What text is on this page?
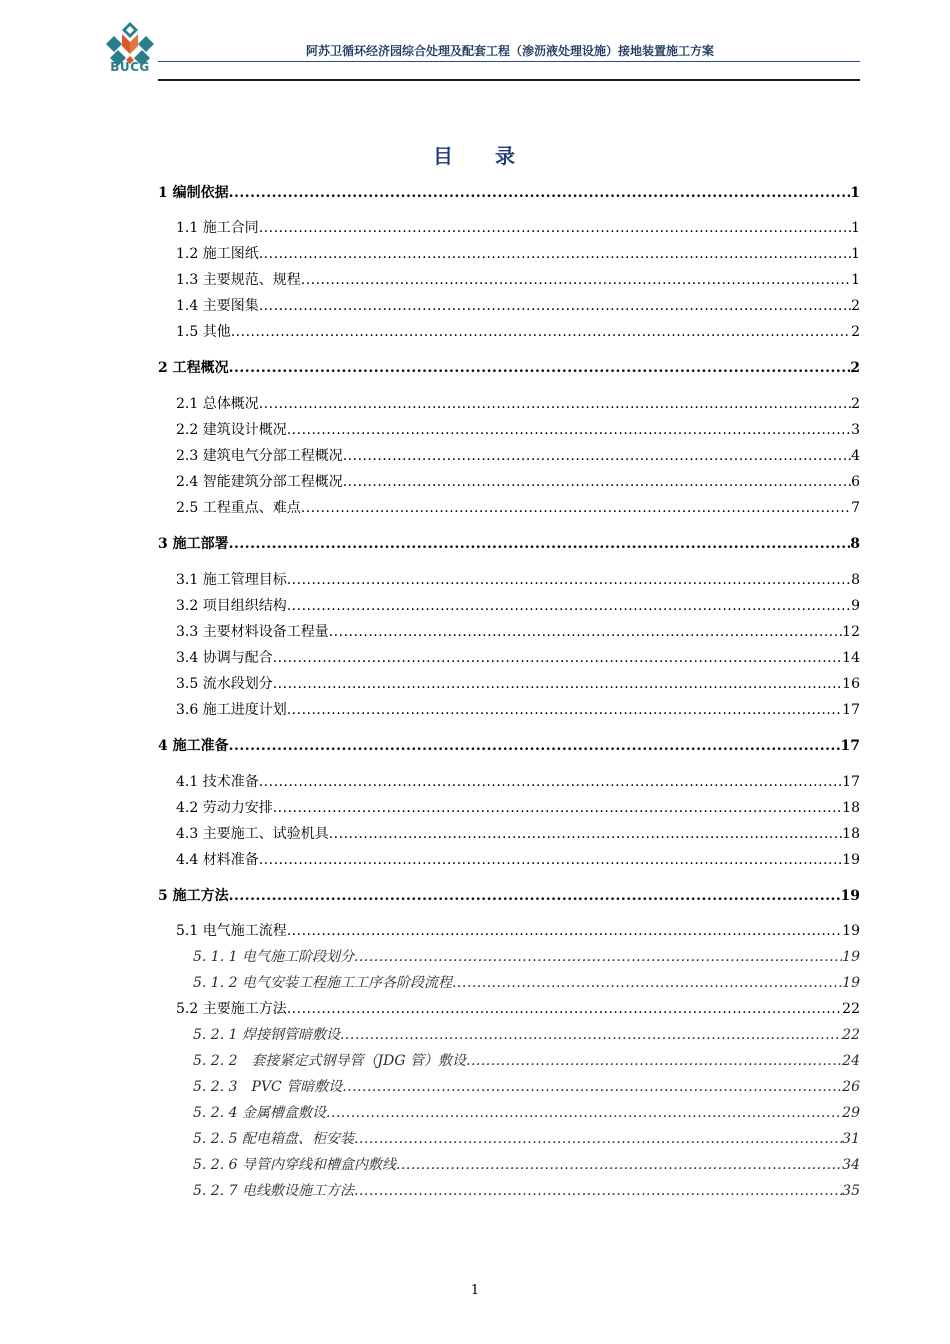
BUCG
阿苏卫循环经济园综合处理及配套工程（渗沥液处理设施）接地装置施工方案
目 录
1 编制依据 .....	1
1.1 施工合同 .....	1
1.2 施工图纸 .....	1
1.3 主要规范、规程 .....	1
1.4 主要图集 .....	2
1.5 其他 .....	2
2 工程概况 .....	2
2.1 总体概况 .....	2
2.2 建筑设计概况 .....	3
2.3 建筑电气分部工程概况 .....	4
2.4 智能建筑分部工程概况 .....	6
2.5 工程重点、难点 .....	7
3 施工部署 .....	8
3.1 施工管理目标 .....	8
3.2 项目组织结构 .....	9
3.3 主要材料设备工程量 .....	12
3.4 协调与配合 .....	14
3.5 流水段划分 .....	16
3.6 施工进度计划 .....	17
4 施工准备 .....	17
4.1 技术准备 .....	17
4.2 劳动力安排 .....	18
4.3 主要施工、试验机具 .....	18
4.4 材料准备 .....	19
5 施工方法 .....	19
5.1 电气施工流程 .....	19
5. 1. 1 电气施工阶段划分 .....	19
5. 1. 2 电气安装工程施工工序各阶段流程 .....	19
5.2 主要施工方法 .....	22
5. 2. 1 焊接钢管暗敷设 .....	22
5. 2. 2　套接紧定式钢导管（JDG 管）敷设 .....	24
5. 2. 3　PVC 管暗敷设 .....	26
5. 2. 4 金属槽盒敷设 .....	29
5. 2. 5 配电箱盘、柜安装 .....	31
5. 2. 6 导管内穿线和槽盒内敷线 .....	34
5. 2. 7 电线敷设施工方法 .....	35
1
